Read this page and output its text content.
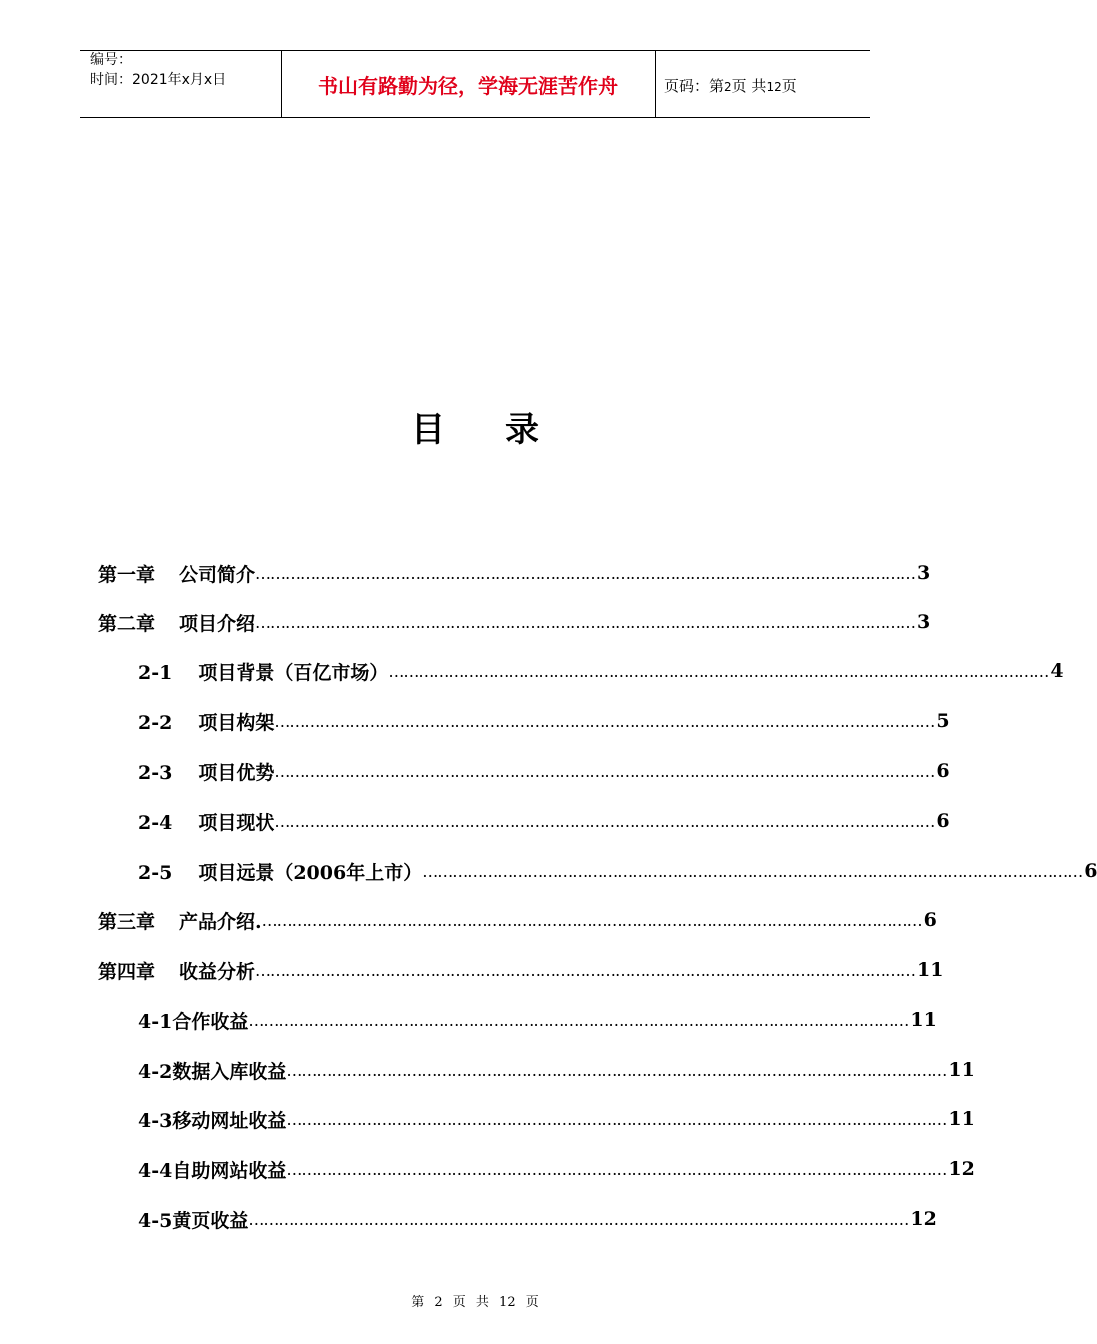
编号：
时间：2021年x月x日	书山有路勤为径，学海无涯苦作舟	页码：第2页 共12页
目录
第一章 公司简介 …………………………………………………………………………………………………………………… 3
第二章 项目介绍 …………………………………………………………………………………………………………………… 3
2-1 项目背景（百亿市场） …………………………………………………………………………………………………………………… 4
2-2 项目构架 …………………………………………………………………………………………………………………… 5
2-3 项目优势 …………………………………………………………………………………………………………………… 6
2-4 项目现状 …………………………………………………………………………………………………………………… 6
2-5 项目远景（2006年上市） …………………………………………………………………………………………………………………… 6
第三章 产品介绍. …………………………………………………………………………………………………………………… 6
第四章 收益分析 …………………………………………………………………………………………………………………… 11
4-1合作收益 …………………………………………………………………………………………………………………… 11
4-2数据入库收益 …………………………………………………………………………………………………………………… 11
4-3移动网址收益 …………………………………………………………………………………………………………………… 11
4-4自助网站收益 …………………………………………………………………………………………………………………… 12
4-5黄页收益 …………………………………………………………………………………………………………………… 12
第 2 页 共 12 页
